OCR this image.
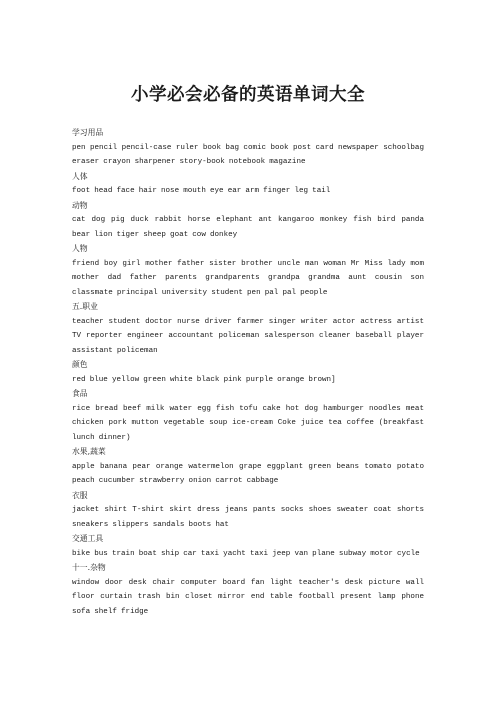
小学必会必备的英语单词大全

学习用品

pen pencil pencil-case ruler book bag comic book post card newspaper schoolbag eraser crayon sharpener story-book notebook magazine

人体

foot head face hair nose mouth eye ear arm finger leg tail

动物

cat dog pig duck rabbit horse elephant ant kangaroo monkey fish bird panda bear lion tiger sheep goat cow donkey

人物

friend boy girl mother father sister brother uncle man woman Mr Miss lady mom mother dad father parents grandparents grandpa grandma aunt cousin son classmate principal university student pen pal pal people

五.职业

teacher student doctor nurse driver farmer singer writer actor actress artist TV reporter engineer accountant policeman salesperson cleaner baseball player assistant policeman

颜色

red blue yellow green white black pink purple orange brown]

食品

rice bread beef milk water egg fish tofu cake hot dog hamburger noodles meat chicken pork mutton vegetable soup ice-cream Coke juice tea coffee (breakfast lunch dinner)

水果,蔬菜

apple banana pear orange watermelon grape eggplant green beans tomato potato peach cucumber strawberry onion carrot cabbage

衣服

jacket shirt T-shirt skirt dress jeans pants socks shoes sweater coat shorts sneakers slippers sandals boots hat

交通工具

bike bus train boat ship car taxi yacht taxi jeep van plane subway motor cycle

十一.杂物

window door desk chair computer board fan light teacher's desk picture wall floor curtain trash bin closet mirror end table football present lamp phone sofa shelf fridge
